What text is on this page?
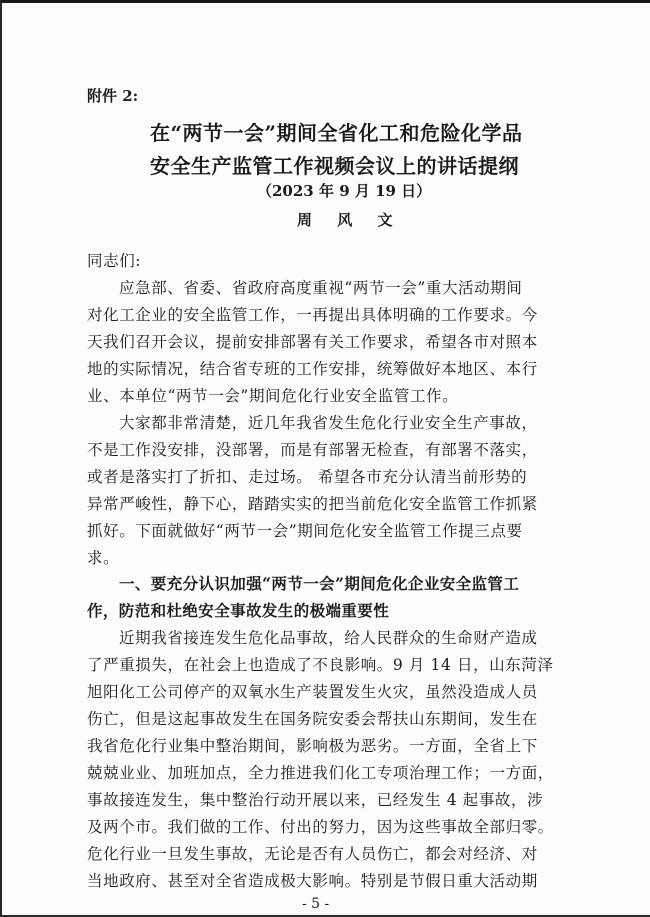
附件 2:

在“两节一会”期间全省化工和危险化学品

安全生产监管工作视频会议上的讲话提纲

（2023 年 9 月 19 日）

周 风 文

同志们:

应急部、省委、省政府高度重视“两节一会”重大活动期间

对化工企业的安全监管工作，一再提出具体明确的工作要求。今

天我们召开会议，提前安排部署有关工作要求，希望各市对照本

地的实际情况，结合省专班的工作安排，统筹做好本地区、本行

业、本单位“两节一会”期间危化行业安全监管工作。

大家都非常清楚，近几年我省发生危化行业安全生产事故，

不是工作没安排，没部署，而是有部署无检查，有部署不落实，

或者是落实打了折扣、走过场。 希望各市充分认清当前形势的

异常严峻性，静下心，踏踏实实的把当前危化安全监管工作抓紧

抓好。下面就做好“两节一会”期间危化安全监管工作提三点要

求。

一、要充分认识加强“两节一会”期间危化企业安全监管工

作，防范和杜绝安全事故发生的极端重要性

近期我省接连发生危化品事故，给人民群众的生命财产造成

了严重损失，在社会上也造成了不良影响。9 月 14 日，山东菏泽

旭阳化工公司停产的双氧水生产装置发生火灾，虽然没造成人员

伤亡，但是这起事故发生在国务院安委会帮扶山东期间，发生在

我省危化行业集中整治期间，影响极为恶劣。一方面，全省上下

兢兢业业、加班加点，全力推进我们化工专项治理工作；一方面，

事故接连发生，集中整治行动开展以来，已经发生 4 起事故，涉

及两个市。我们做的工作、付出的努力，因为这些事故全部归零。

危化行业一旦发生事故，无论是否有人员伤亡，都会对经济、对

当地政府、甚至对全省造成极大影响。特别是节假日重大活动期

- 5 -
